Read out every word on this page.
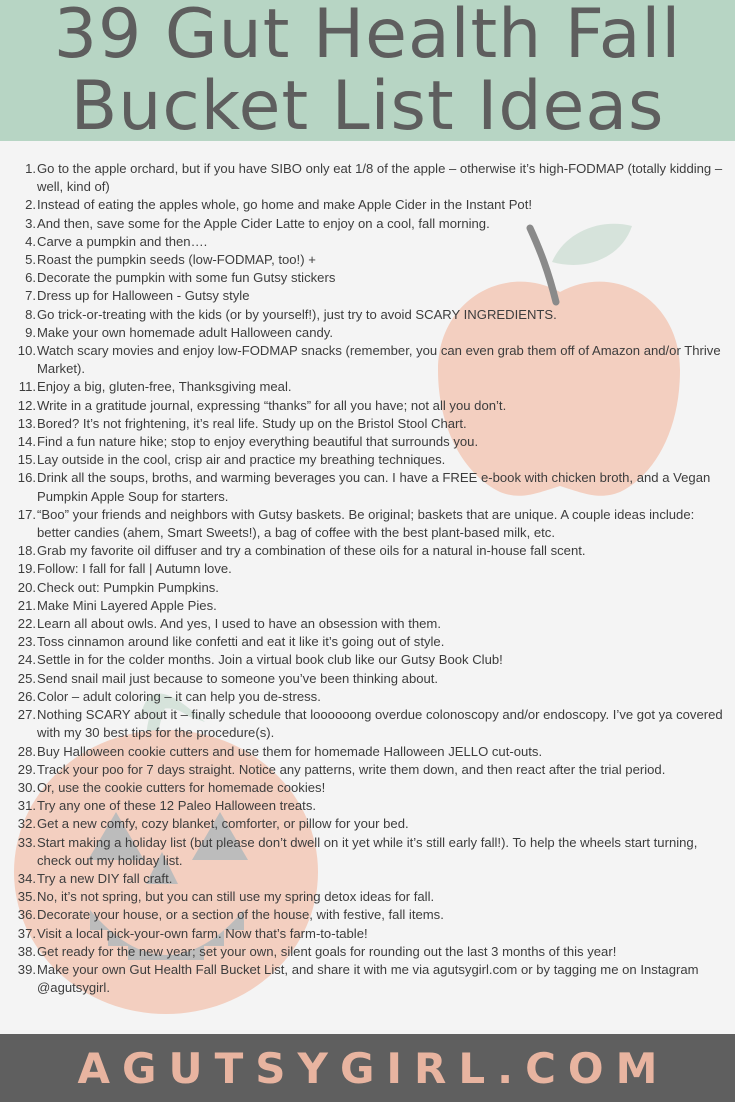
39 Gut Health Fall
Bucket List Ideas
1. Go to the apple orchard, but if you have SIBO only eat 1/8 of the apple – otherwise it’s high-FODMAP (totally kidding – well, kind of)
2. Instead of eating the apples whole, go home and make Apple Cider in the Instant Pot!
3. And then, save some for the Apple Cider Latte to enjoy on a cool, fall morning.
4. Carve a pumpkin and then….
5. Roast the pumpkin seeds (low-FODMAP, too!) +
6. Decorate the pumpkin with some fun Gutsy stickers
7. Dress up for Halloween - Gutsy style
8. Go trick-or-treating with the kids (or by yourself!), just try to avoid SCARY INGREDIENTS.
9. Make your own homemade adult Halloween candy.
10. Watch scary movies and enjoy low-FODMAP snacks (remember, you can even grab them off of Amazon and/or Thrive Market).
11. Enjoy a big, gluten-free, Thanksgiving meal.
12. Write in a gratitude journal, expressing “thanks” for all you have; not all you don’t.
13. Bored? It’s not frightening, it’s real life. Study up on the Bristol Stool Chart.
14. Find a fun nature hike; stop to enjoy everything beautiful that surrounds you.
15. Lay outside in the cool, crisp air and practice my breathing techniques.
16. Drink all the soups, broths, and warming beverages you can. I have a FREE e-book with chicken broth, and a Vegan Pumpkin Apple Soup for starters.
17. “Boo” your friends and neighbors with Gutsy baskets. Be original; baskets that are unique. A couple ideas include: better candies (ahem, Smart Sweets!), a bag of coffee with the best plant-based milk, etc.
18. Grab my favorite oil diffuser and try a combination of these oils for a natural in-house fall scent.
19. Follow: I fall for fall | Autumn love.
20. Check out: Pumpkin Pumpkins.
21. Make Mini Layered Apple Pies.
22. Learn all about owls. And yes, I used to have an obsession with them.
23. Toss cinnamon around like confetti and eat it like it’s going out of style.
24. Settle in for the colder months. Join a virtual book club like our Gutsy Book Club!
25. Send snail mail just because to someone you’ve been thinking about.
26. Color – adult coloring – it can help you de-stress.
27. Nothing SCARY about it – finally schedule that loooooong overdue colonoscopy and/or endoscopy. I’ve got ya covered with my 30 best tips for the procedure(s).
28. Buy Halloween cookie cutters and use them for homemade Halloween JELLO cut-outs.
29. Track your poo for 7 days straight. Notice any patterns, write them down, and then react after the trial period.
30. Or, use the cookie cutters for homemade cookies!
31. Try any one of these 12 Paleo Halloween treats.
32. Get a new comfy, cozy blanket, comforter, or pillow for your bed.
33. Start making a holiday list (but please don’t dwell on it yet while it’s still early fall!). To help the wheels start turning, check out my holiday list.
34. Try a new DIY fall craft.
35. No, it’s not spring, but you can still use my spring detox ideas for fall.
36. Decorate your house, or a section of the house, with festive, fall items.
37. Visit a local pick-your-own farm. Now that’s farm-to-table!
38. Get ready for the new year; set your own, silent goals for rounding out the last 3 months of this year!
39. Make your own Gut Health Fall Bucket List, and share it with me via agutsygirl.com or by tagging me on Instagram @agutsygirl.
AGUTSYGIRL.COM
